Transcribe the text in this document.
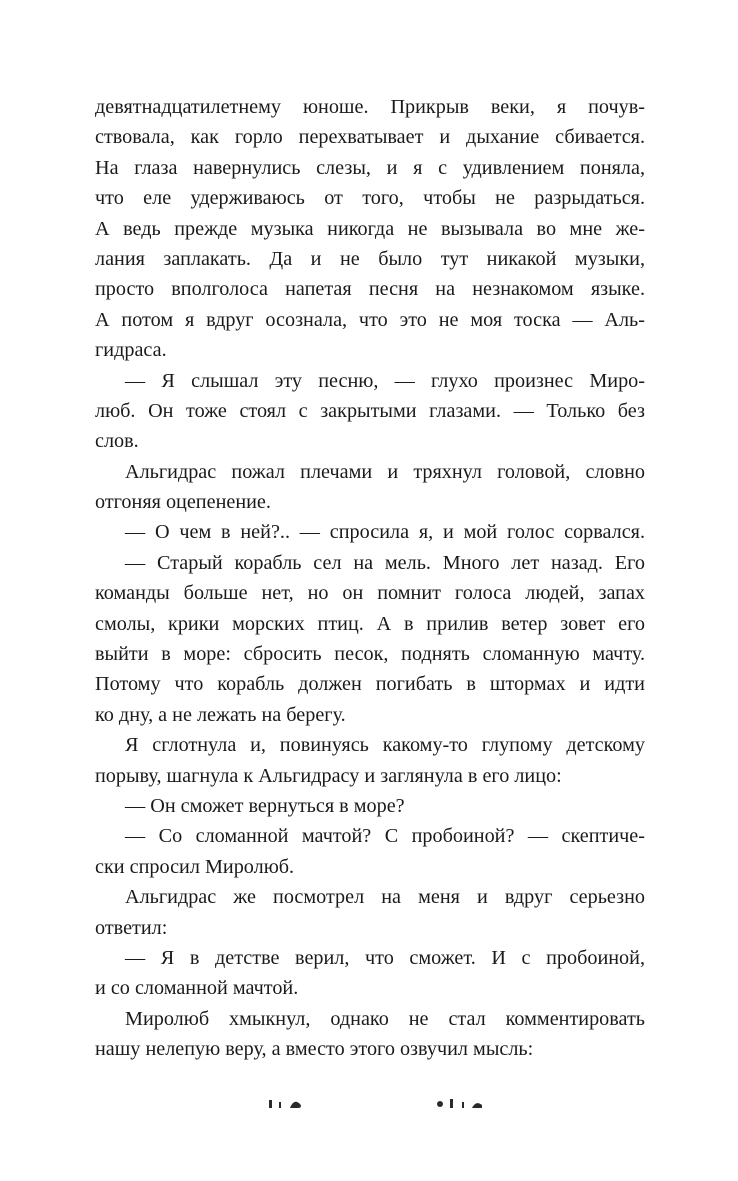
девятнадцатилетнему юноше. Прикрыв веки, я почув-
ствовала, как горло перехватывает и дыхание сбивается.
На глаза навернулись слезы, и я с удивлением поняла,
что еле удерживаюсь от того, чтобы не разрыдаться.
А ведь прежде музыка никогда не вызывала во мне же-
лания заплакать. Да и не было тут никакой музыки,
просто вполголоса напетая песня на незнакомом языке.
А потом я вдруг осознала, что это не моя тоска — Аль-
гидраса.
— Я слышал эту песню, — глухо произнес Миро-
люб. Он тоже стоял с закрытыми глазами. — Только без
слов.
Альгидрас пожал плечами и тряхнул головой, словно
отгоняя оцепенение.
— О чем в ней?.. — спросила я, и мой голос сорвался.
— Старый корабль сел на мель. Много лет назад. Его
команды больше нет, но он помнит голоса людей, запах
смолы, крики морских птиц. А в прилив ветер зовет его
выйти в море: сбросить песок, поднять сломанную мачту.
Потому что корабль должен погибать в штормах и идти
ко дну, а не лежать на берегу.
Я сглотнула и, повинуясь какому-то глупому детскому
порыву, шагнула к Альгидрасу и заглянула в его лицо:
— Он сможет вернуться в море?
— Со сломанной мачтой? С пробоиной? — скептиче-
ски спросил Миролюб.
Альгидрас же посмотрел на меня и вдруг серьезно
ответил:
— Я в детстве верил, что сможет. И с пробоиной,
и со сломанной мачтой.
Миролюб хмыкнул, однако не стал комментировать
нашу нелепую веру, а вместо этого озвучил мысль:
